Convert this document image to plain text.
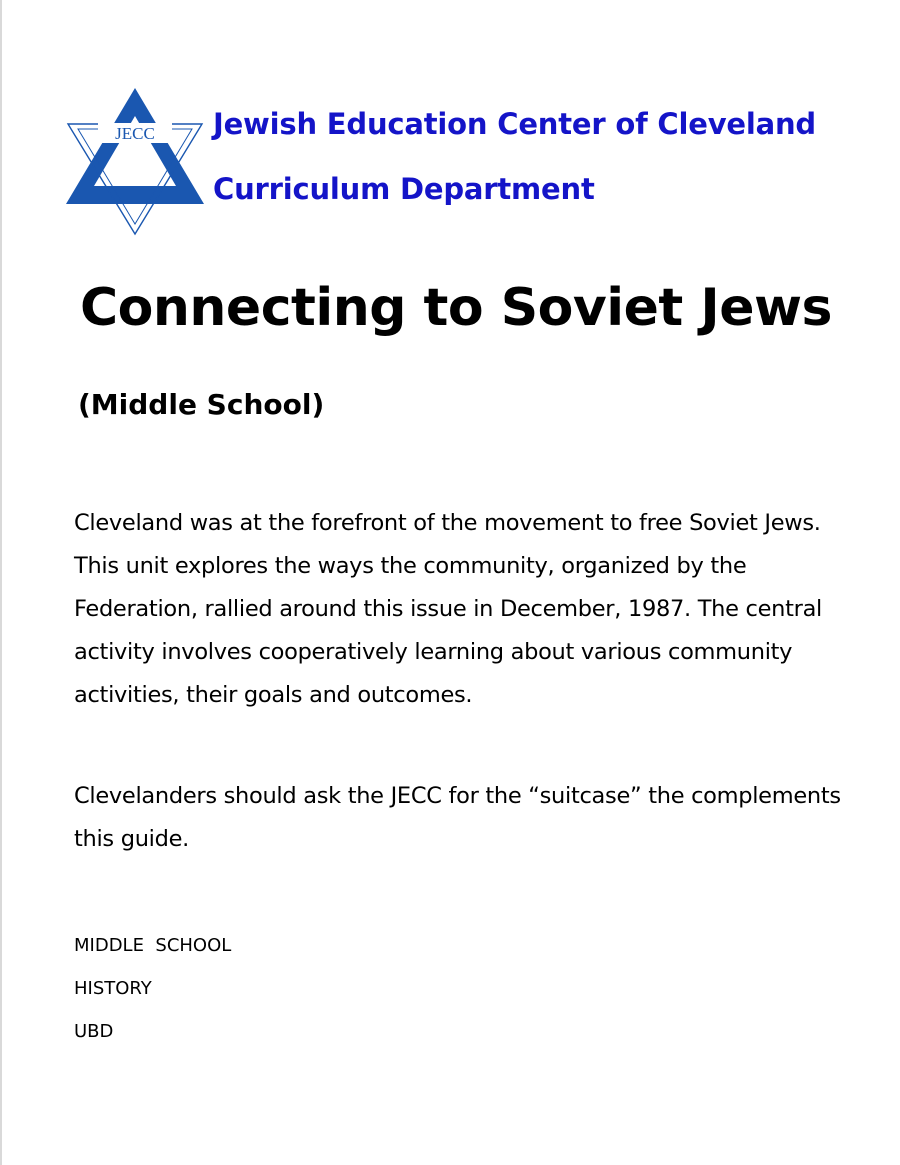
JECC Jewish Education Center of Cleveland
Curriculum Department
Connecting to Soviet Jews
(Middle School)
Cleveland was at the forefront of the movement to free Soviet Jews. This unit explores the ways the community, organized by the Federation, rallied around this issue in December, 1987. The central activity involves cooperatively learning about various community activities, their goals and outcomes.
Clevelanders should ask the JECC for the “suitcase” the complements this guide.
MIDDLE  SCHOOL
HISTORY
UBD
